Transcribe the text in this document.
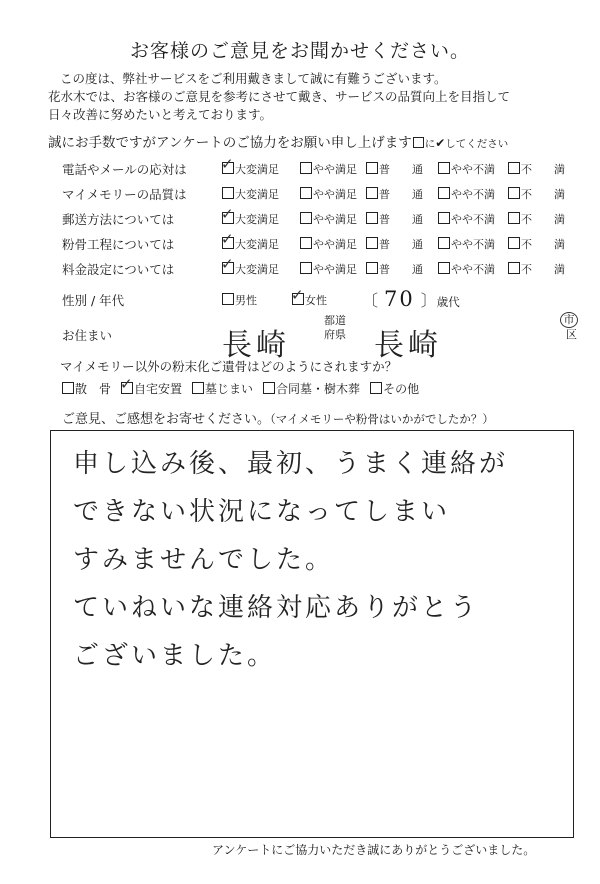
お客様のご意見をお聞かせください。
この度は、弊社サービスをご利用戴きまして誠に有難うございます。
花水木では、お客様のご意見を参考にさせて戴き、サービスの品質向上を目指して
日々改善に努めたいと考えております。
誠にお手数ですがアンケートのご協力をお願い申し上げます に✔してください
電話やメールの応対は ✓ 大変満足	やや満足	普　　通	やや不満	不　　満
マイメモリーの品質は	大変満足	やや満足	普　　通	やや不満	不　　満
郵送方法については	✓ 大変満足	やや満足	普　　通	やや不満	不　　満
粉骨工程については	✓ 大変満足	やや満足	普　　通	やや不満	不　　満
料金設定については	✓ 大変満足	やや満足	普　　通	やや不満	不　　満
性別 / 年代	男性 ✓ 女性 〔 70 〕歳代
お住まい	長崎
都道
府県 長崎
市
区
マイメモリー以外の粉末化ご遺骨はどのようにされますか？
散　骨 ✓ 自宅安置 墓じまい 合同墓・樹木葬 その他
ご意見、ご感想をお寄せください。（マイメモリーや粉骨はいかがでしたか？）
申し込み後、最初、うまく連絡が
できない状況になってしまい
すみませんでした。
ていねいな連絡対応ありがとう
ございました。
アンケートにご協力いただき誠にありがとうございました。
